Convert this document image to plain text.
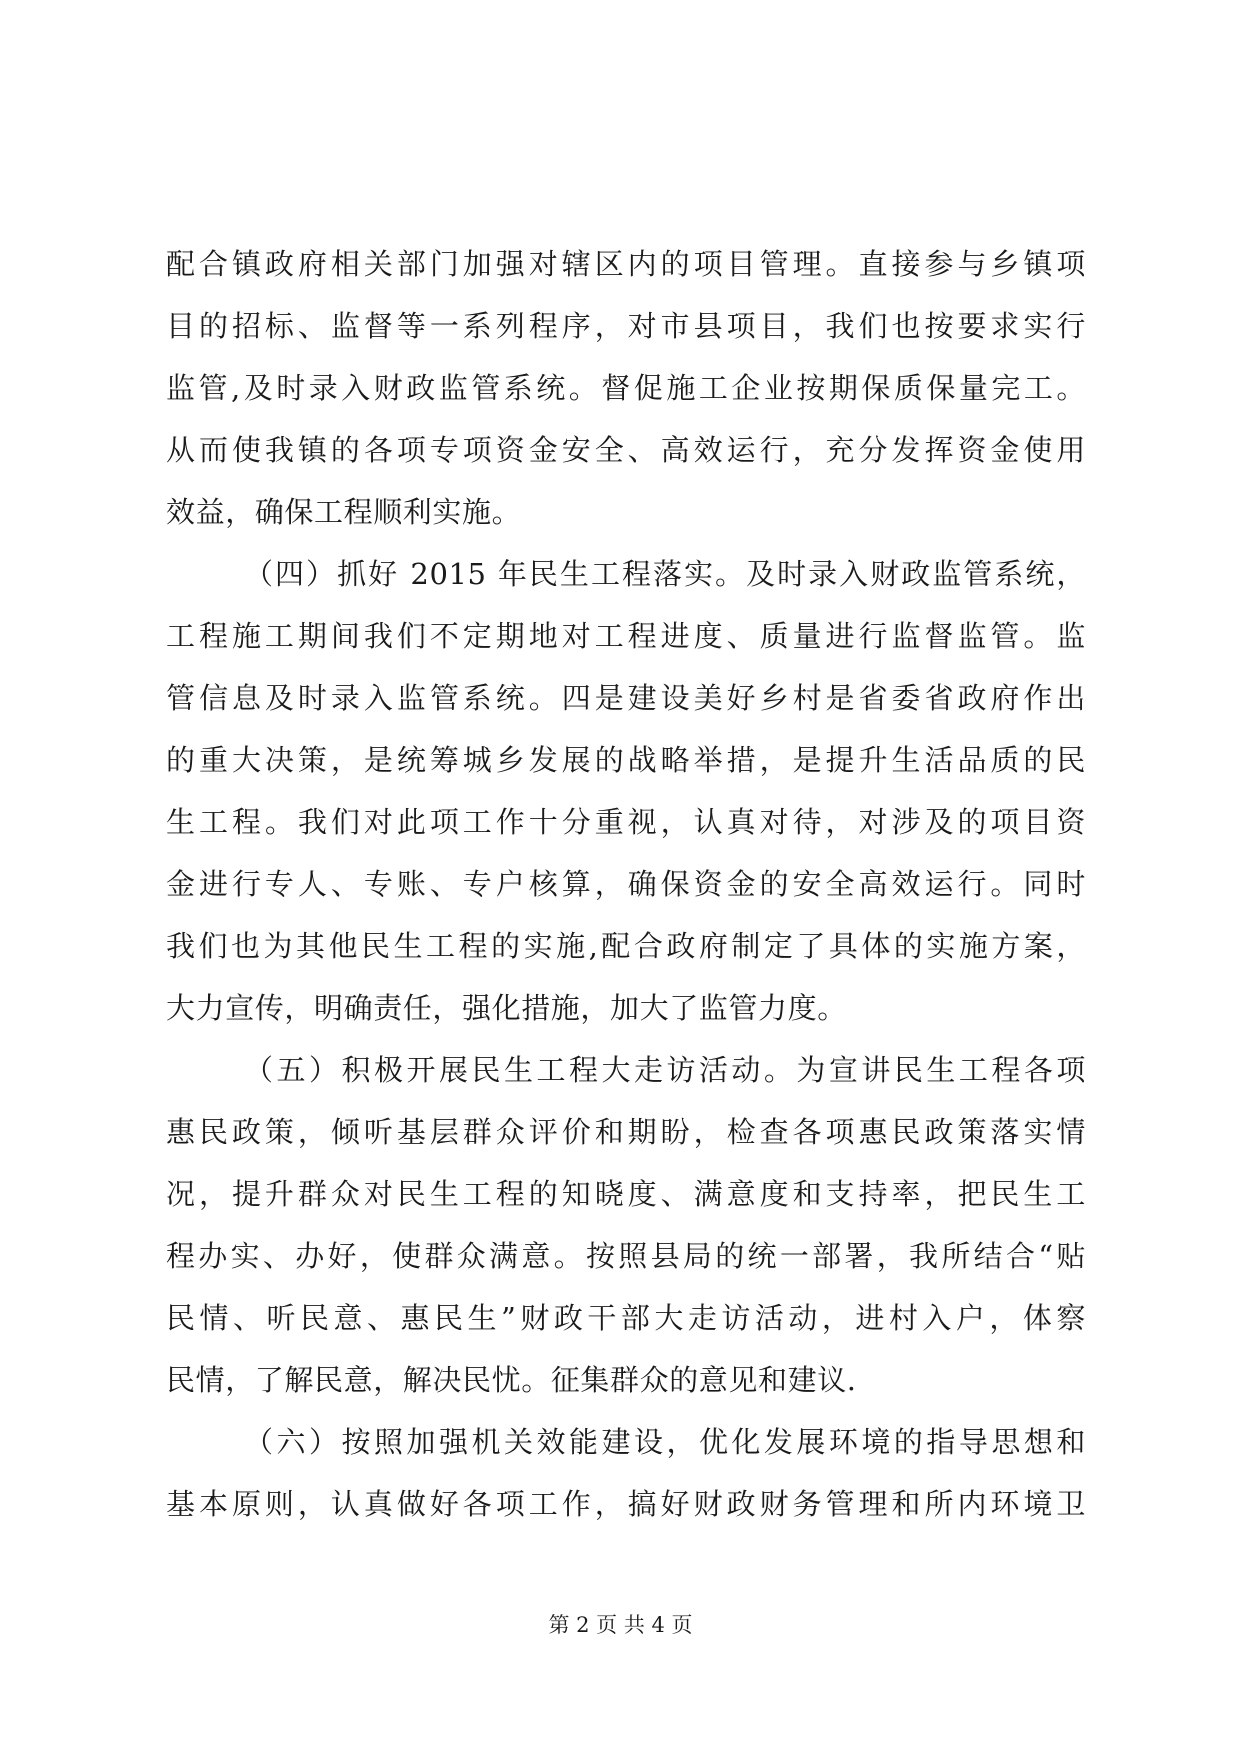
配合镇政府相关部门加强对辖区内的项目管理。直接参与乡镇项
目的招标、监督等一系列程序，对市县项目，我们也按要求实行
监管,及时录入财政监管系统。督促施工企业按期保质保量完工。
从而使我镇的各项专项资金安全、高效运行，充分发挥资金使用
效益，确保工程顺利实施。
（四）抓好 2015 年民生工程落实。及时录入财政监管系统，
工程施工期间我们不定期地对工程进度、质量进行监督监管。监
管信息及时录入监管系统。四是建设美好乡村是省委省政府作出
的重大决策，是统筹城乡发展的战略举措，是提升生活品质的民
生工程。我们对此项工作十分重视，认真对待，对涉及的项目资
金进行专人、专账、专户核算，确保资金的安全高效运行。同时
我们也为其他民生工程的实施,配合政府制定了具体的实施方案，
大力宣传，明确责任，强化措施，加大了监管力度。
（五）积极开展民生工程大走访活动。为宣讲民生工程各项
惠民政策，倾听基层群众评价和期盼，检查各项惠民政策落实情
况，提升群众对民生工程的知晓度、满意度和支持率，把民生工
程办实、办好，使群众满意。按照县局的统一部署，我所结合“贴
民情、听民意、惠民生”财政干部大走访活动，进村入户，体察
民情，了解民意，解决民忧。征集群众的意见和建议.
（六）按照加强机关效能建设，优化发展环境的指导思想和
基本原则，认真做好各项工作，搞好财政财务管理和所内环境卫
第 2 页 共 4 页
